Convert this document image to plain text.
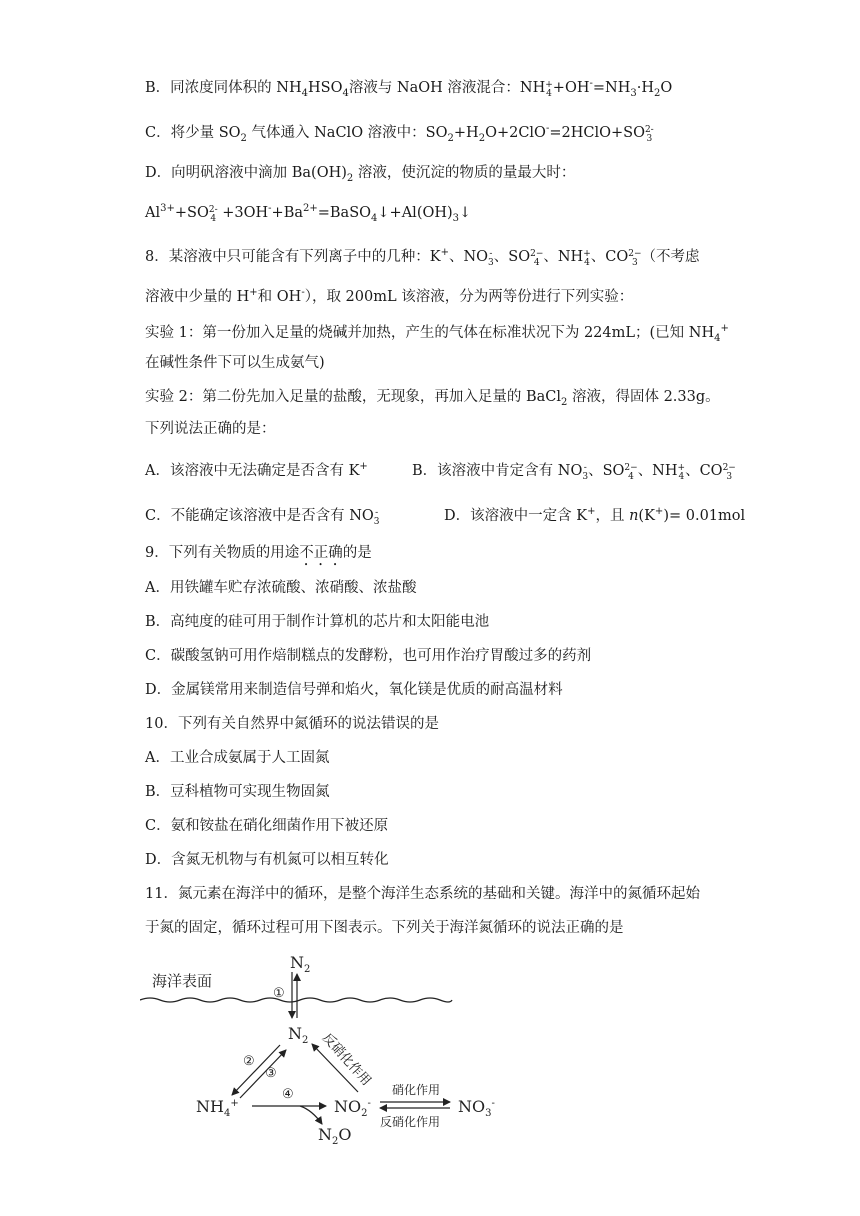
B．同浓度同体积的 $NH_4HSO_4$溶液与 NaOH 溶液混合：NH +
$4 +OH^-=NH_3\cdot H_2O$
C．将少量 $SO_2$ 气体通入 NaClO 溶液中：$SO_2+H_2O+2ClO^-=2HClO+SO$ 2-
3
D．向明矾溶液中滴加 $Ba(OH)_2$ 溶液，使沉淀的物质的量最大时：
$Al^{3+}+SO$ 2-
$4 +3OH^-+Ba^{2+}=BaSO_4↓+Al(OH)_3↓$
8．某溶液中只可能含有下列离子中的几种：K+、NO -
3 、SO 2−
4 、NH +
4 、CO 2−
3 （不考虑
溶液中少量的 H+和 OH-），取 200mL 该溶液，分为两等份进行下列实验：
实验 1：第一份加入足量的烧碱并加热，产生的气体在标准状况下为 224mL；(已知 $NH_4^+$
在碱性条件下可以生成氨气)
实验 2：第二份先加入足量的盐酸，无现象，再加入足量的 BaCl$_2$ 溶液，得固体 2.33g。
下列说法正确的是：
A．该溶液中无法确定是否含有 K+	B．该溶液中肯定含有 NO -
3 、SO 2−
4 、NH +
4 、CO 2−
3
C．不能确定该溶液中是否含有 NO -
3	D．该溶液中一定含 K+，且 n(K+)= 0.01mol
9．下列有关物质的用途不正确的是
A．用铁罐车贮存浓硫酸、浓硝酸、浓盐酸
B．高纯度的硅可用于制作计算机的芯片和太阳能电池
C．碳酸氢钠可用作焙制糕点的发酵粉，也可用作治疗胃酸过多的药剂
D．金属镁常用来制造信号弹和焰火，氧化镁是优质的耐高温材料
10．下列有关自然界中氮循环的说法错误的是
A．工业合成氨属于人工固氮
B．豆科植物可实现生物固氮
C．氨和铵盐在硝化细菌作用下被还原
D．含氮无机物与有机氮可以相互转化
11．氮元素在海洋中的循环，是整个海洋生态系统的基础和关键。海洋中的氮循环起始
于氮的固定，循环过程可用下图表示。下列关于海洋氮循环的说法正确的是
海洋表面
$N_2$
①
$N_2$
②
③	反硝化作用
$NH_4^+$
④
$NO_2^-$
$N_2O$
硝化作用
反硝化作用
$NO_3^-$
